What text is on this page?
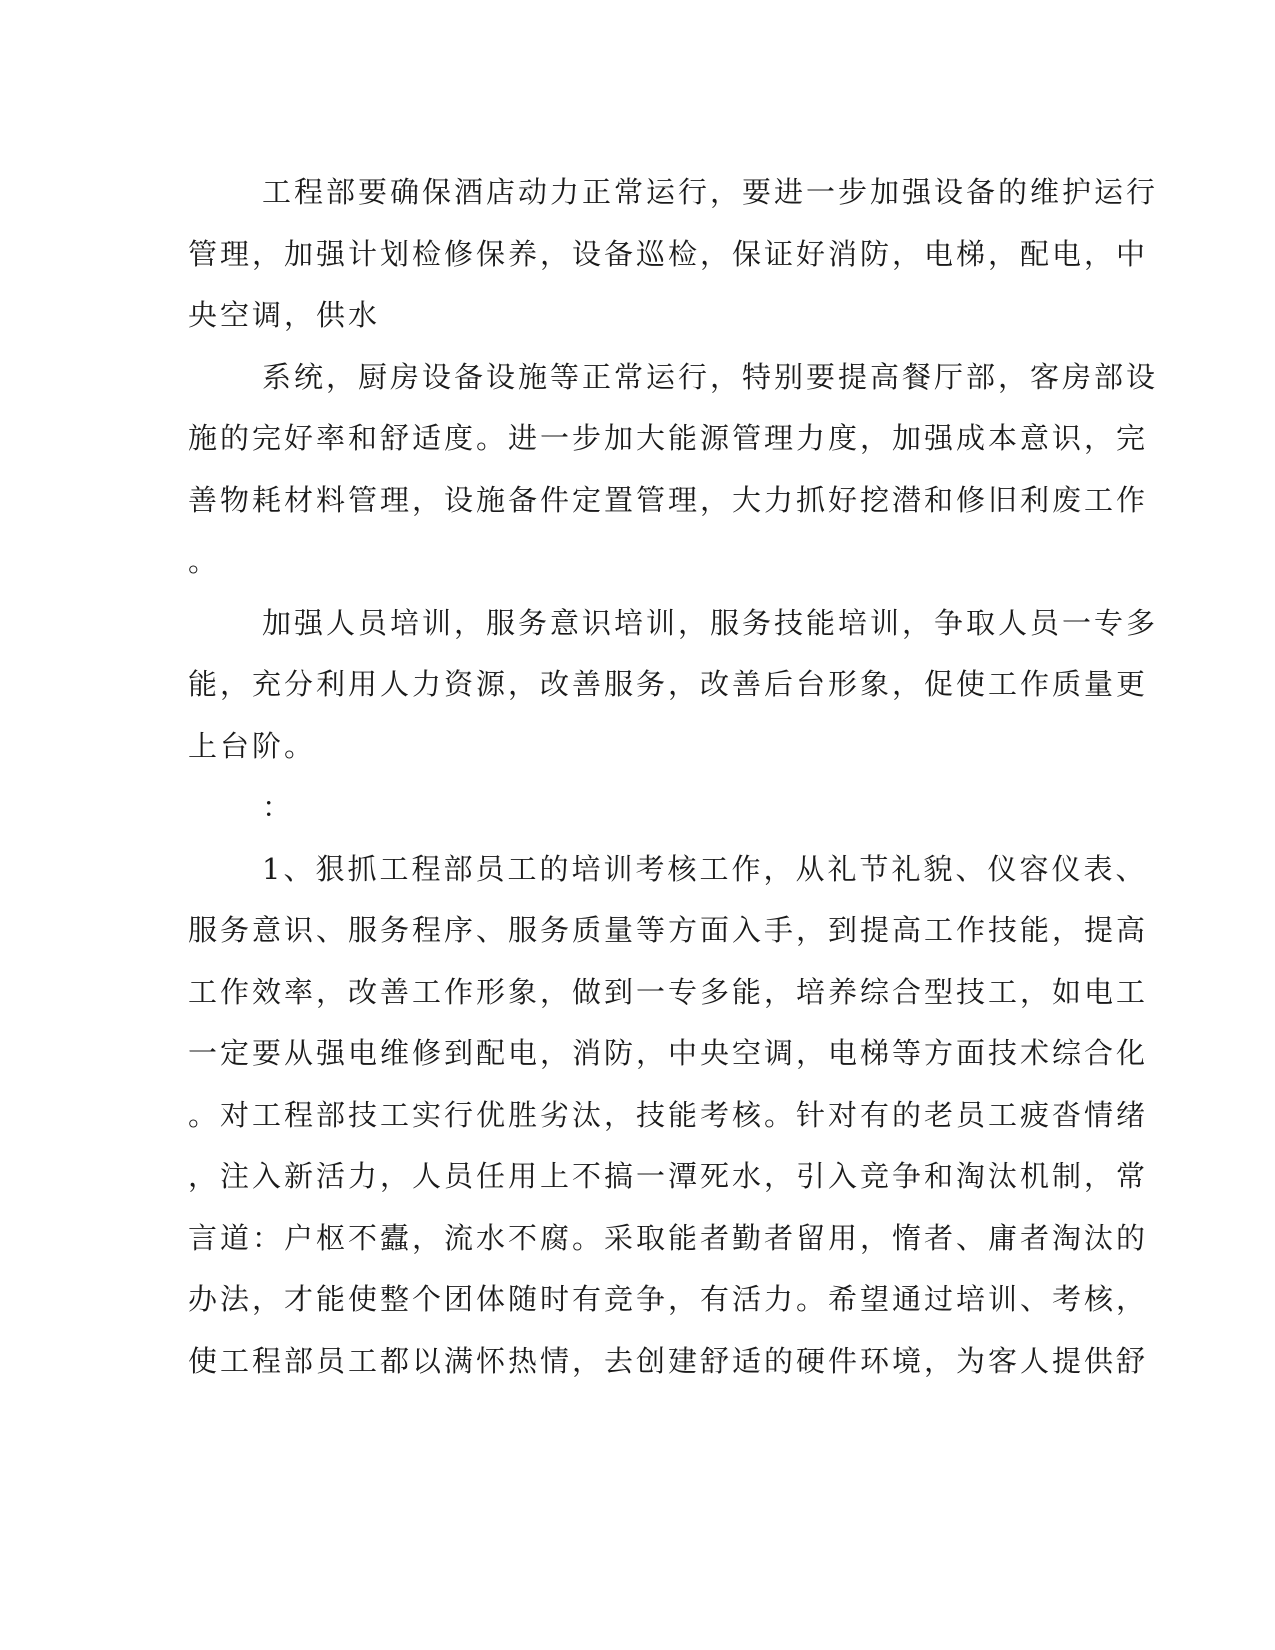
工程部要确保酒店动力正常运行，要进一步加强设备的维护运行
管理，加强计划检修保养，设备巡检，保证好消防，电梯，配电，中
央空调，供水
系统，厨房设备设施等正常运行，特别要提高餐厅部，客房部设
施的完好率和舒适度。进一步加大能源管理力度，加强成本意识，完
善物耗材料管理，设施备件定置管理，大力抓好挖潜和修旧利废工作
。
加强人员培训，服务意识培训，服务技能培训，争取人员一专多
能，充分利用人力资源，改善服务，改善后台形象，促使工作质量更
上台阶。
：
1、狠抓工程部员工的培训考核工作，从礼节礼貌、仪容仪表、
服务意识、服务程序、服务质量等方面入手，到提高工作技能，提高
工作效率，改善工作形象，做到一专多能，培养综合型技工，如电工
一定要从强电维修到配电，消防，中央空调，电梯等方面技术综合化
。对工程部技工实行优胜劣汰，技能考核。针对有的老员工疲沓情绪
，注入新活力，人员任用上不搞一潭死水，引入竞争和淘汰机制，常
言道：户枢不蠹，流水不腐。采取能者勤者留用，惰者、庸者淘汰的
办法，才能使整个团体随时有竞争，有活力。希望通过培训、考核，
使工程部员工都以满怀热情，去创建舒适的硬件环境，为客人提供舒
